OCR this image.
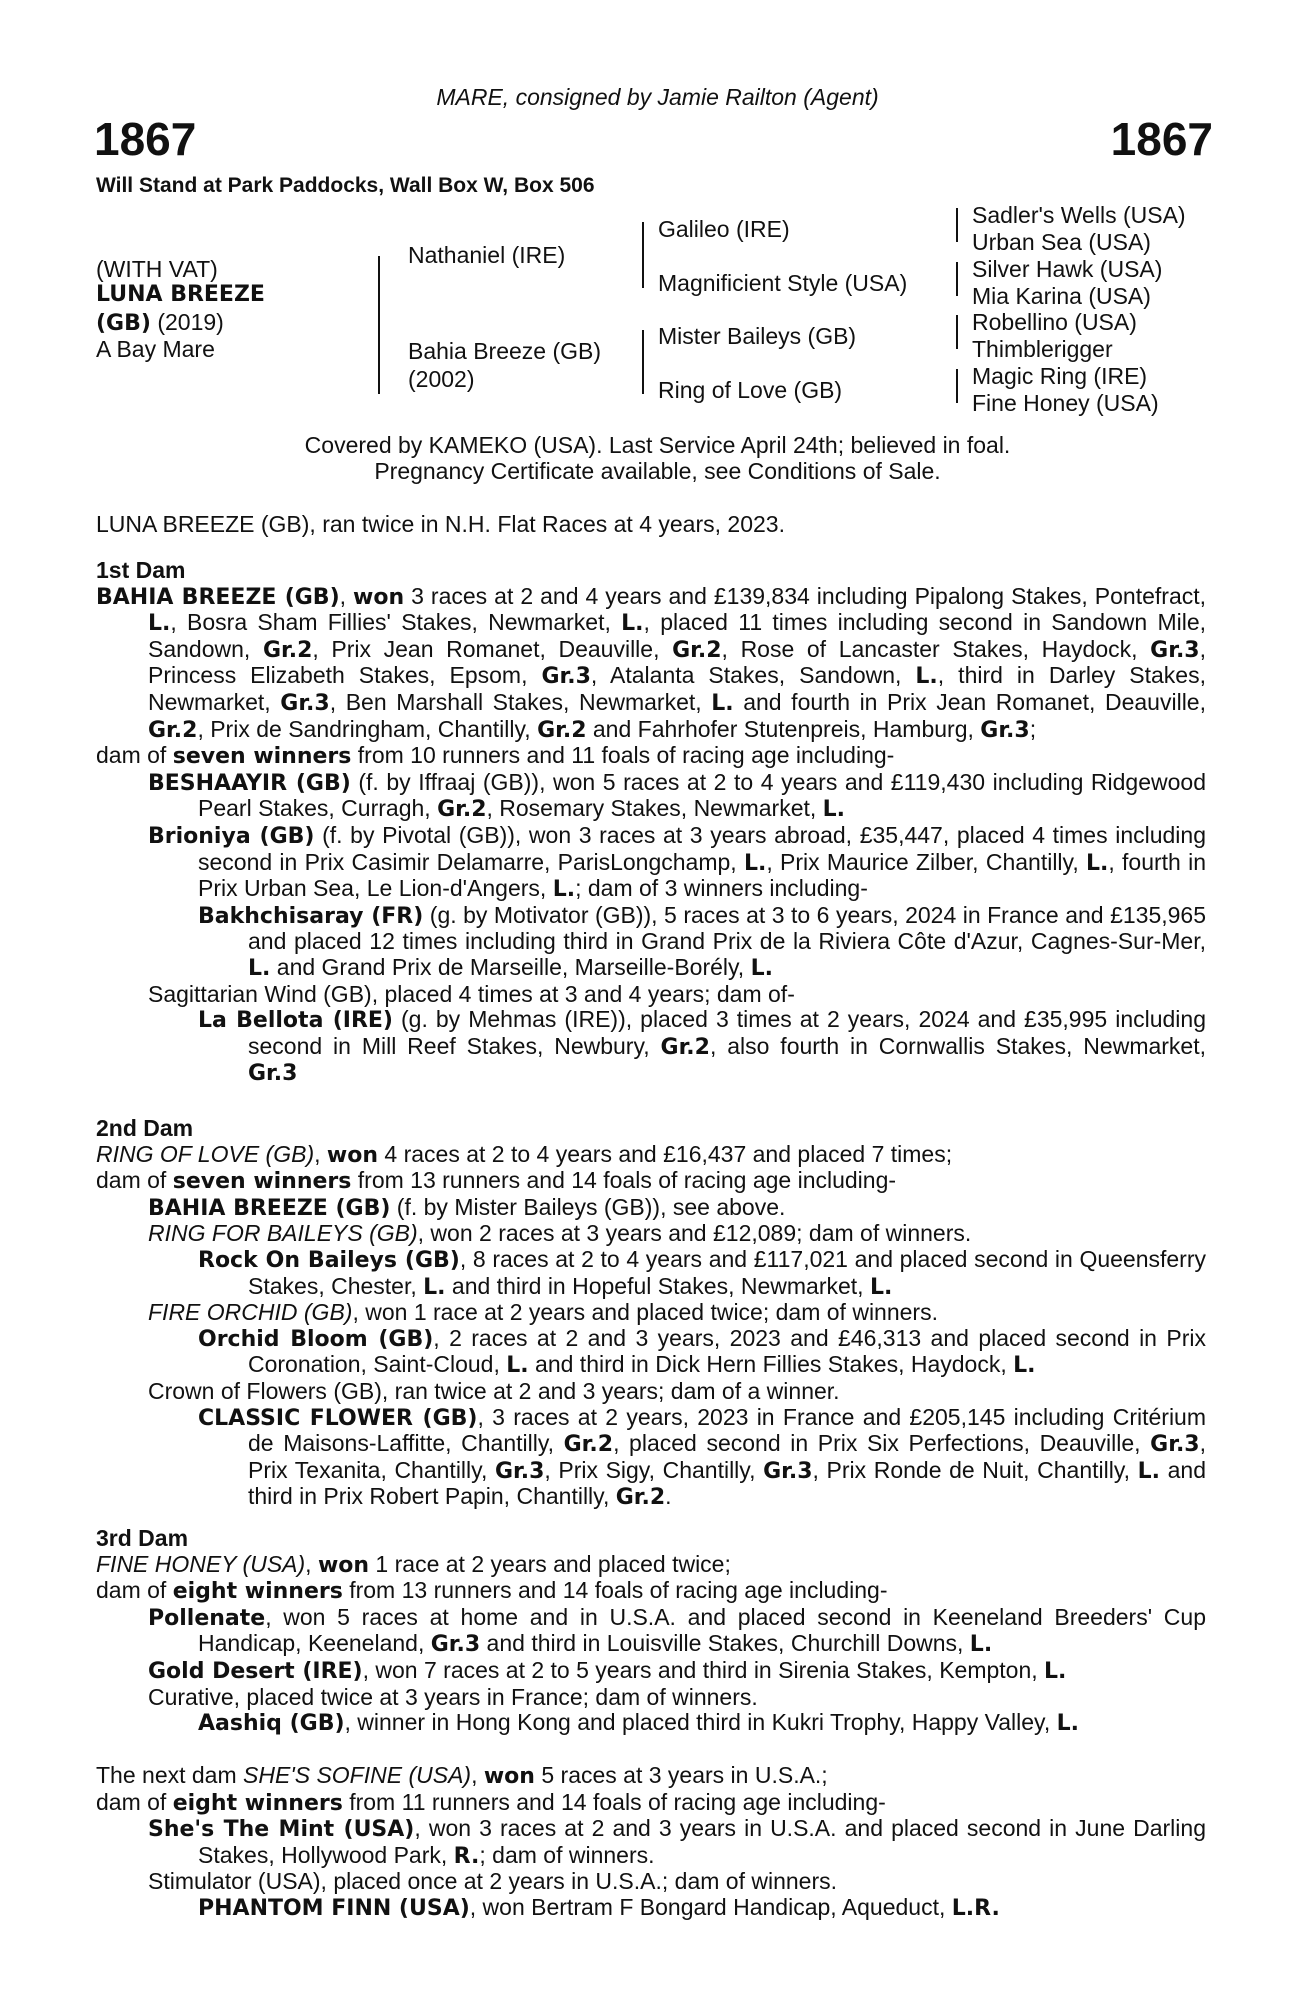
MARE, consigned by Jamie Railton (Agent)
1867	1867
Will Stand at Park Paddocks, Wall Box W, Box 506
(WITH VAT)
LUNA BREEZE
(GB) (2019)
A Bay Mare
Nathaniel (IRE)
Bahia Breeze (GB)
(2002)
Galileo (IRE)
Magnificient Style (USA)
Mister Baileys (GB)
Ring of Love (GB)
Sadler's Wells (USA)
Urban Sea (USA)
Silver Hawk (USA)
Mia Karina (USA)
Robellino (USA)
Thimblerigger
Magic Ring (IRE)
Fine Honey (USA)
Covered by KAMEKO (USA). Last Service April 24th; believed in foal.
Pregnancy Certificate available, see Conditions of Sale.

LUNA BREEZE (GB), ran twice in N.H. Flat Races at 4 years, 2023.

1st Dam

BAHIA BREEZE (GB), won 3 races at 2 and 4 years and £139,834 including Pipalong Stakes, Pontefract, L., Bosra Sham Fillies' Stakes, Newmarket, L., placed 11 times including second in Sandown Mile, Sandown, Gr.2, Prix Jean Romanet, Deauville, Gr.2, Rose of Lancaster Stakes, Haydock, Gr.3, Princess Elizabeth Stakes, Epsom, Gr.3, Atalanta Stakes, Sandown, L., third in Darley Stakes, Newmarket, Gr.3, Ben Marshall Stakes, Newmarket, L. and fourth in Prix Jean Romanet, Deauville, Gr.2, Prix de Sandringham, Chantilly, Gr.2 and Fahrhofer Stutenpreis, Hamburg, Gr.3;

dam of seven winners from 10 runners and 11 foals of racing age including-

BESHAAYIR (GB) (f. by Iffraaj (GB)), won 5 races at 2 to 4 years and £119,430 including Ridgewood Pearl Stakes, Curragh, Gr.2, Rosemary Stakes, Newmarket, L.

Brioniya (GB) (f. by Pivotal (GB)), won 3 races at 3 years abroad, £35,447, placed 4 times including second in Prix Casimir Delamarre, ParisLongchamp, L., Prix Maurice Zilber, Chantilly, L., fourth in Prix Urban Sea, Le Lion-d'Angers, L.; dam of 3 winners including-

Bakhchisaray (FR) (g. by Motivator (GB)), 5 races at 3 to 6 years, 2024 in France and £135,965 and placed 12 times including third in Grand Prix de la Riviera Côte d'Azur, Cagnes-Sur-Mer, L. and Grand Prix de Marseille, Marseille-Borély, L.

Sagittarian Wind (GB), placed 4 times at 3 and 4 years; dam of-

La Bellota (IRE) (g. by Mehmas (IRE)), placed 3 times at 2 years, 2024 and £35,995 including second in Mill Reef Stakes, Newbury, Gr.2, also fourth in Cornwallis Stakes, Newmarket, Gr.3

2nd Dam

RING OF LOVE (GB), won 4 races at 2 to 4 years and £16,437 and placed 7 times;

dam of seven winners from 13 runners and 14 foals of racing age including-

BAHIA BREEZE (GB) (f. by Mister Baileys (GB)), see above.

RING FOR BAILEYS (GB), won 2 races at 3 years and £12,089; dam of winners.

Rock On Baileys (GB), 8 races at 2 to 4 years and £117,021 and placed second in Queensferry Stakes, Chester, L. and third in Hopeful Stakes, Newmarket, L.

FIRE ORCHID (GB), won 1 race at 2 years and placed twice; dam of winners.

Orchid Bloom (GB), 2 races at 2 and 3 years, 2023 and £46,313 and placed second in Prix Coronation, Saint-Cloud, L. and third in Dick Hern Fillies Stakes, Haydock, L.

Crown of Flowers (GB), ran twice at 2 and 3 years; dam of a winner.

CLASSIC FLOWER (GB), 3 races at 2 years, 2023 in France and £205,145 including Critérium de Maisons-Laffitte, Chantilly, Gr.2, placed second in Prix Six Perfections, Deauville, Gr.3, Prix Texanita, Chantilly, Gr.3, Prix Sigy, Chantilly, Gr.3, Prix Ronde de Nuit, Chantilly, L. and third in Prix Robert Papin, Chantilly, Gr.2.

3rd Dam

FINE HONEY (USA), won 1 race at 2 years and placed twice;

dam of eight winners from 13 runners and 14 foals of racing age including-

Pollenate, won 5 races at home and in U.S.A. and placed second in Keeneland Breeders' Cup Handicap, Keeneland, Gr.3 and third in Louisville Stakes, Churchill Downs, L.

Gold Desert (IRE), won 7 races at 2 to 5 years and third in Sirenia Stakes, Kempton, L.

Curative, placed twice at 3 years in France; dam of winners.

Aashiq (GB), winner in Hong Kong and placed third in Kukri Trophy, Happy Valley, L.

The next dam SHE'S SOFINE (USA), won 5 races at 3 years in U.S.A.;

dam of eight winners from 11 runners and 14 foals of racing age including-

She's The Mint (USA), won 3 races at 2 and 3 years in U.S.A. and placed second in June Darling Stakes, Hollywood Park, R.; dam of winners.

Stimulator (USA), placed once at 2 years in U.S.A.; dam of winners.

PHANTOM FINN (USA), won Bertram F Bongard Handicap, Aqueduct, L.R.
